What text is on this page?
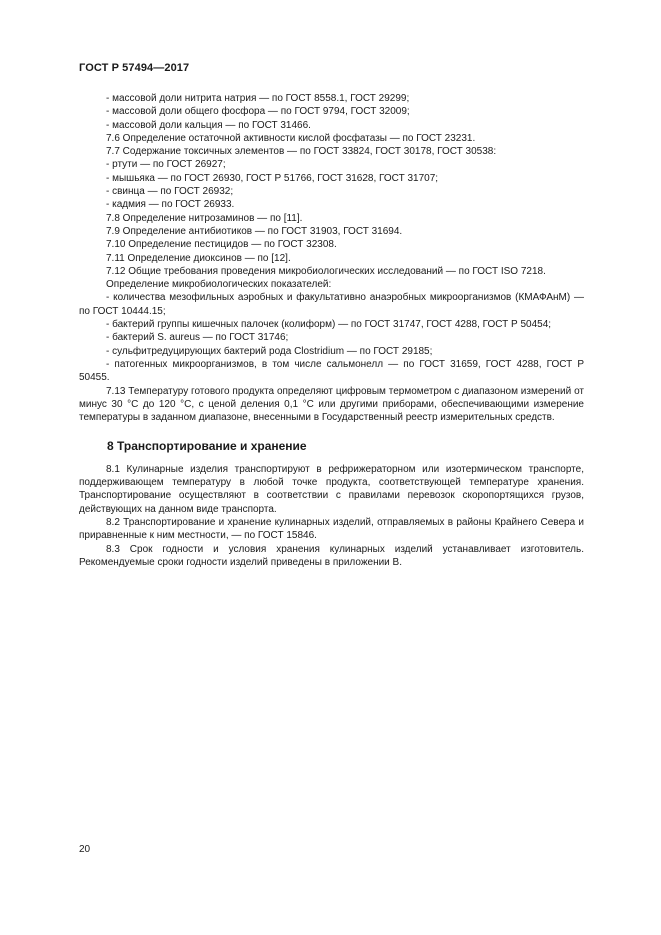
ГОСТ Р 57494—2017

- массовой доли нитрита натрия — по ГОСТ 8558.1, ГОСТ 29299;

- массовой доли общего фосфора — по ГОСТ 9794, ГОСТ 32009;

- массовой доли кальция — по ГОСТ 31466.

7.6 Определение остаточной активности кислой фосфатазы — по ГОСТ 23231.

7.7 Содержание токсичных элементов — по ГОСТ 33824, ГОСТ 30178, ГОСТ 30538:

- ртути — по ГОСТ 26927;

- мышьяка — по ГОСТ 26930, ГОСТ Р 51766, ГОСТ 31628, ГОСТ 31707;

- свинца — по ГОСТ 26932;

- кадмия — по ГОСТ 26933.

7.8 Определение нитрозаминов — по [11].

7.9 Определение антибиотиков — по ГОСТ 31903, ГОСТ 31694.

7.10 Определение пестицидов — по ГОСТ 32308.

7.11 Определение диоксинов — по [12].

7.12 Общие требования проведения микробиологических исследований — по ГОСТ ISO 7218.

Определение микробиологических показателей:

- количества мезофильных аэробных и факультативно анаэробных микроорганизмов (КМАФАнМ) — по ГОСТ 10444.15;

- бактерий группы кишечных палочек (колиформ) — по ГОСТ 31747, ГОСТ 4288, ГОСТ Р 50454;

- бактерий S. aureus — по ГОСТ 31746;

- сульфитредуцирующих бактерий рода Clostridium — по ГОСТ 29185;

- патогенных микроорганизмов, в том числе сальмонелл — по ГОСТ 31659, ГОСТ 4288, ГОСТ Р 50455.

7.13 Температуру готового продукта определяют цифровым термометром с диапазоном измерений от минус 30 °С до 120 °С, с ценой деления 0,1 °С или другими приборами, обеспечивающими измерение температуры в заданном диапазоне, внесенными в Государственный реестр измерительных средств.

8 Транспортирование и хранение

8.1 Кулинарные изделия транспортируют в рефрижераторном или изотермическом транспорте, поддерживающем температуру в любой точке продукта, соответствующей температуре хранения. Транспортирование осуществляют в соответствии с правилами перевозок скоропортящихся грузов, действующих на данном виде транспорта.

8.2 Транспортирование и хранение кулинарных изделий, отправляемых в районы Крайнего Севера и приравненные к ним местности, — по ГОСТ 15846.

8.3 Срок годности и условия хранения кулинарных изделий устанавливает изготовитель. Рекомендуемые сроки годности изделий приведены в приложении В.

20
